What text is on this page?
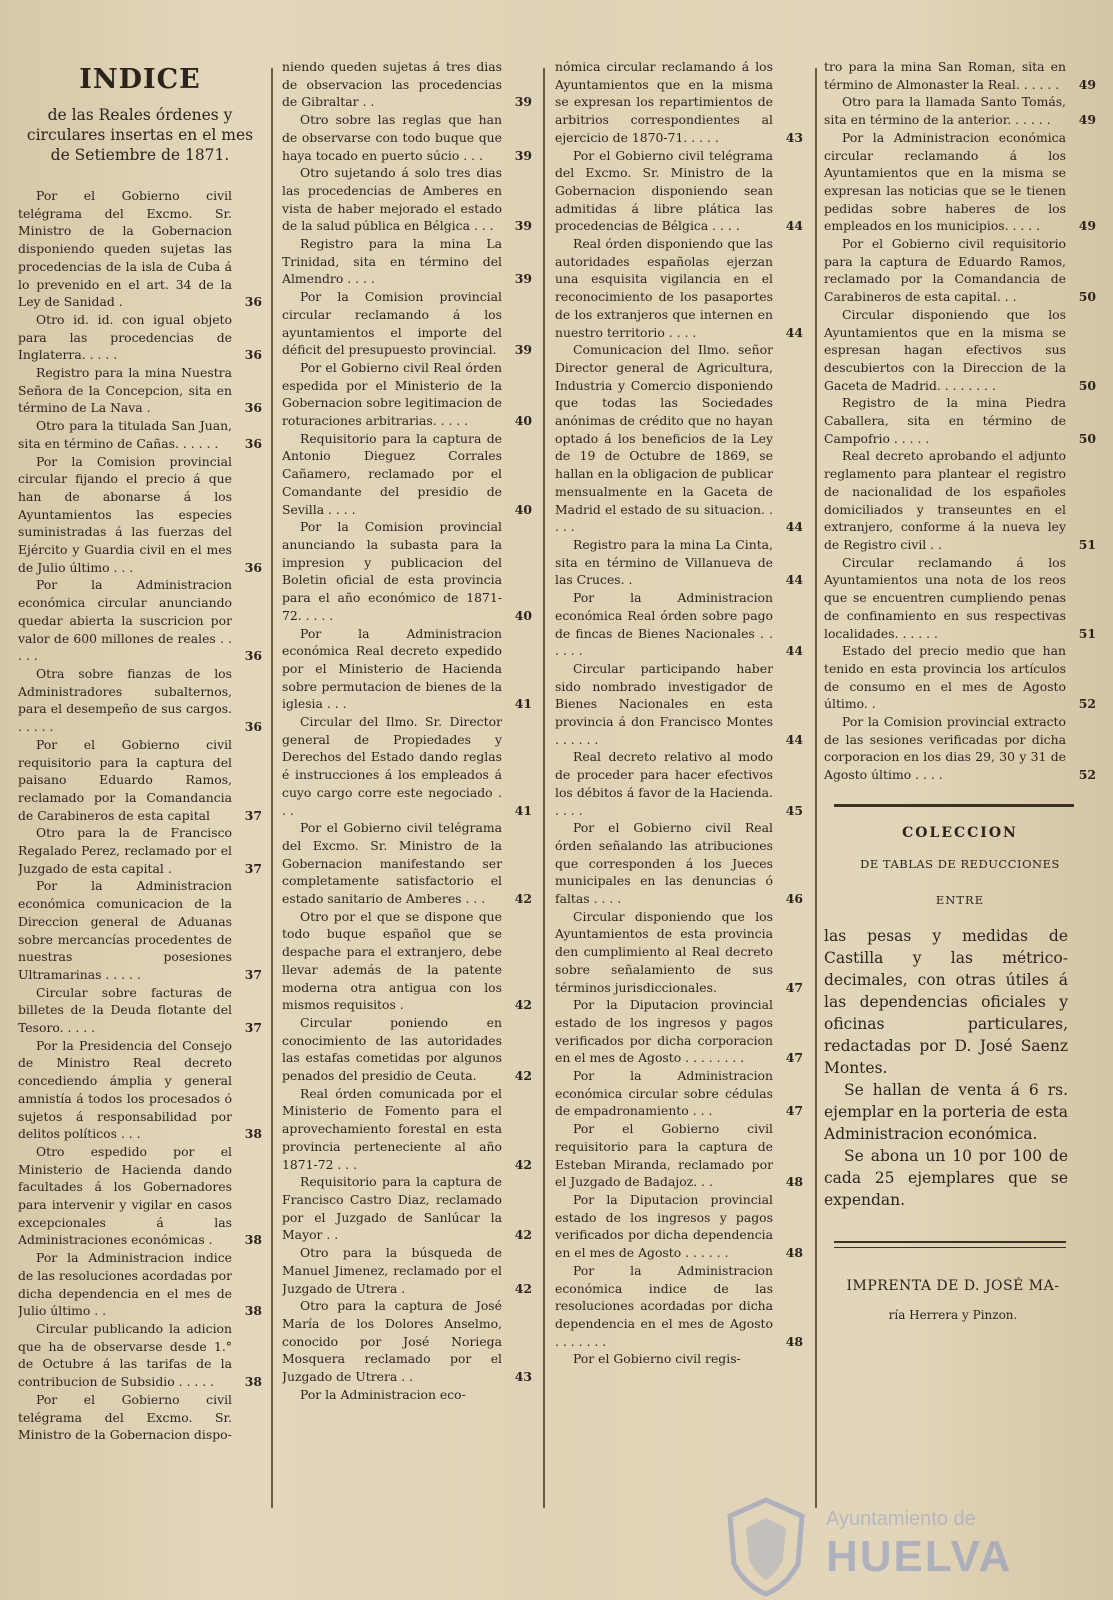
INDICE
de las Reales órdenes y circulares insertas en el mes de Setiembre de 1871.
Por el Gobierno civil telégrama del Excmo. Sr. Ministro de la Gobernacion disponiendo queden sujetas las procedencias de la isla de Cuba á lo prevenido en el art. 34 de la Ley de Sanidad .	36
Otro id. id. con igual objeto para las procedencias de Inglaterra. . . . .	36
Registro para la mina Nuestra Señora de la Concepcion, sita en término de La Nava .	36
Otro para la titulada San Juan, sita en término de Cañas. . . . . .	36
Por la Comision provincial circular fijando el precio á que han de abonarse á los Ayuntamientos las especies suministradas á las fuerzas del Ejército y Guardia civil en el mes de Julio último . . .	36
Por la Administracion económica circular anunciando quedar abierta la suscricion por valor de 600 millones de reales . . . . .	36
Otra sobre fianzas de los Administradores subalternos, para el desempeño de sus cargos. . . . . .	36
Por el Gobierno civil requisitorio para la captura del paisano Eduardo Ramos, reclamado por la Comandancia de Carabineros de esta capital	37
Otro para la de Francisco Regalado Perez, reclamado por el Juzgado de esta capital .	37
Por la Administracion económica comunicacion de la Direccion general de Aduanas sobre mercancías procedentes de nuestras posesiones Ultramarinas . . . . .	37
Circular sobre facturas de billetes de la Deuda flotante del Tesoro. . . . .	37
Por la Presidencia del Consejo de Ministro Real decreto concediendo ámplia y general amnistía á todos los procesados ó sujetos á responsabilidad por delitos políticos . . .	38
Otro espedido por el Ministerio de Hacienda dando facultades á los Gobernadores para intervenir y vigilar en casos excepcionales á las Administraciones económicas .	38
Por la Administracion indice de las resoluciones acordadas por dicha dependencia en el mes de Julio último . .	38
Circular publicando la adicion que ha de observarse desde 1.° de Octubre á las tarifas de la contribucion de Subsidio . . . . .	38
Por el Gobierno civil telégrama del Excmo. Sr. Ministro de la Gobernacion dispo-
niendo queden sujetas á tres dias de observacion las procedencias de Gibraltar . .	39
Otro sobre las reglas que han de observarse con todo buque que haya tocado en puerto súcio . . .	39
Otro sujetando á solo tres dias las procedencias de Amberes en vista de haber mejorado el estado de la salud pública en Bélgica . . .	39
Registro para la mina La Trinidad, sita en término del Almendro . . . .	39
Por la Comision provincial circular reclamando á los ayuntamientos el importe del déficit del presupuesto provincial.	39
Por el Gobierno civil Real órden espedida por el Ministerio de la Gobernacion sobre legitimacion de roturaciones arbitrarias. . . . .	40
Requisitorio para la captura de Antonio Dieguez Corrales Cañamero, reclamado por el Comandante del presidio de Sevilla . . . .	40
Por la Comision provincial anunciando la subasta para la impresion y publicacion del Boletin oficial de esta provincia para el año económico de 1871-72. . . . .	40
Por la Administracion económica Real decreto expedido por el Ministerio de Hacienda sobre permutacion de bienes de la iglesia . . .	41
Circular del Ilmo. Sr. Director general de Propiedades y Derechos del Estado dando reglas é instrucciones á los empleados á cuyo cargo corre este negociado . . .	41
Por el Gobierno civil telégrama del Excmo. Sr. Ministro de la Gobernacion manifestando ser completamente satisfactorio el estado sanitario de Amberes . . .	42
Otro por el que se dispone que todo buque español que se despache para el extranjero, debe llevar además de la patente moderna otra antigua con los mismos requisitos .	42
Circular poniendo en conocimiento de las autoridades las estafas cometidas por algunos penados del presidio de Ceuta.	42
Real órden comunicada por el Ministerio de Fomento para el aprovechamiento forestal en esta provincia perteneciente al año 1871-72 . . .	42
Requisitorio para la captura de Francisco Castro Diaz, reclamado por el Juzgado de Sanlúcar la Mayor . .	42
Otro para la búsqueda de Manuel Jimenez, reclamado por el Juzgado de Utrera .	42
Otro para la captura de José María de los Dolores Anselmo, conocido por José Noriega Mosquera reclamado por el Juzgado de Utrera . .	43
Por la Administracion eco-
nómica circular reclamando á los Ayuntamientos que en la misma se expresan los repartimientos de arbitrios correspondientes al ejercicio de 1870-71. . . . .	43
Por el Gobierno civil telégrama del Excmo. Sr. Ministro de la Gobernacion disponiendo sean admitidas á libre plática las procedencias de Bélgica . . . .	44
Real órden disponiendo que las autoridades españolas ejerzan una esquisita vigilancia en el reconocimiento de los pasaportes de los extranjeros que internen en nuestro territorio . . . .	44
Comunicacion del Ilmo. señor Director general de Agricultura, Industria y Comercio disponiendo que todas las Sociedades anónimas de crédito que no hayan optado á los beneficios de la Ley de 19 de Octubre de 1869, se hallan en la obligacion de publicar mensualmente en la Gaceta de Madrid el estado de su situacion. . . . .	44
Registro para la mina La Cinta, sita en término de Villanueva de las Cruces. .	44
Por la Administracion económica Real órden sobre pago de fincas de Bienes Nacionales . . . . . .	44
Circular participando haber sido nombrado investigador de Bienes Nacionales en esta provincia á don Francisco Montes . . . . . .	44
Real decreto relativo al modo de proceder para hacer efectivos los débitos á favor de la Hacienda. . . . .	45
Por el Gobierno civil Real órden señalando las atribuciones que corresponden á los Jueces municipales en las denuncias ó faltas . . . .	46
Circular disponiendo que los Ayuntamientos de esta provincia den cumplimiento al Real decreto sobre señalamiento de sus términos jurisdiccionales.	47
Por la Diputacion provincial estado de los ingresos y pagos verificados por dicha corporacion en el mes de Agosto . . . . . . . .	47
Por la Administracion económica circular sobre cédulas de empadronamiento . . .	47
Por el Gobierno civil requisitorio para la captura de Esteban Miranda, reclamado por el Juzgado de Badajoz. . .	48
Por la Diputacion provincial estado de los ingresos y pagos verificados por dicha dependencia en el mes de Agosto . . . . . .	48
Por la Administracion económica indice de las resoluciones acordadas por dicha dependencia en el mes de Agosto . . . . . . .	48
Por el Gobierno civil regis-
tro para la mina San Roman, sita en término de Almonaster la Real. . . . . .	49
Otro para la llamada Santo Tomás, sita en término de la anterior. . . . . .	49
Por la Administracion económica circular reclamando á los Ayuntamientos que en la misma se expresan las noticias que se le tienen pedidas sobre haberes de los empleados en los municipios. . . . .	49
Por el Gobierno civil requisitorio para la captura de Eduardo Ramos, reclamado por la Comandancia de Carabineros de esta capital. . .	50
Circular disponiendo que los Ayuntamientos que en la misma se espresan hagan efectivos sus descubiertos con la Direccion de la Gaceta de Madrid. . . . . . . .	50
Registro de la mina Piedra Caballera, sita en término de Campofrio . . . . .	50
Real decreto aprobando el adjunto reglamento para plantear el registro de nacionalidad de los españoles domiciliados y transeuntes en el extranjero, conforme á la nueva ley de Registro civil . .	51
Circular reclamando á los Ayuntamientos una nota de los reos que se encuentren cumpliendo penas de confinamiento en sus respectivas localidades. . . . . .	51
Estado del precio medio que han tenido en esta provincia los artículos de consumo en el mes de Agosto último. .	52
Por la Comision provincial extracto de las sesiones verificadas por dicha corporacion en los dias 29, 30 y 31 de Agosto último . . . .	52
COLECCION
DE TABLAS DE REDUCCIONES
ENTRE

las pesas y medidas de Castilla y las métrico-decimales, con otras útiles á las dependencias oficiales y oficinas particulares, redactadas por D. José Saenz Montes.

Se hallan de venta á 6 rs. ejemplar en la porteria de esta Administracion económica.

Se abona un 10 por 100 de cada 25 ejemplares que se expendan.

IMPRENTA DE D. JOSÉ MA-
ría Herrera y Pinzon.
Ayuntamiento de
HUELVA
